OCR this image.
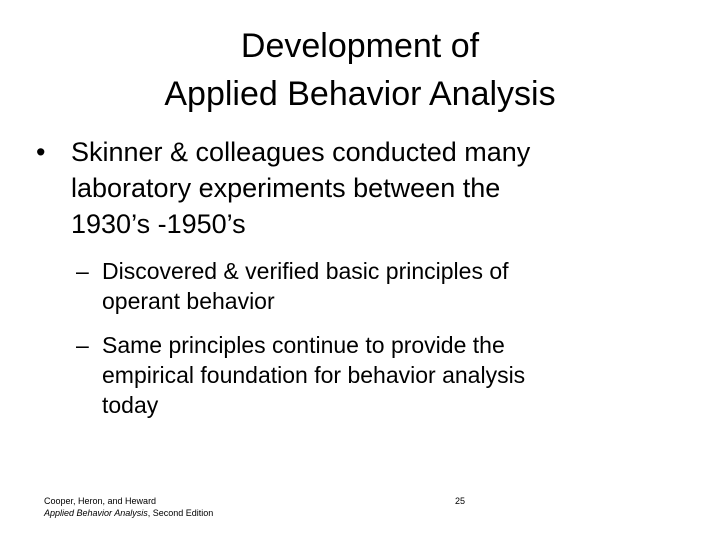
Development of
Applied Behavior Analysis
• Skinner & colleagues conducted many
laboratory experiments between the
1930’s -1950’s
– Discovered & verified basic principles of
operant behavior
– Same principles continue to provide the
empirical foundation for behavior analysis
today
Cooper, Heron, and Heward
Applied Behavior Analysis, Second Edition
25
